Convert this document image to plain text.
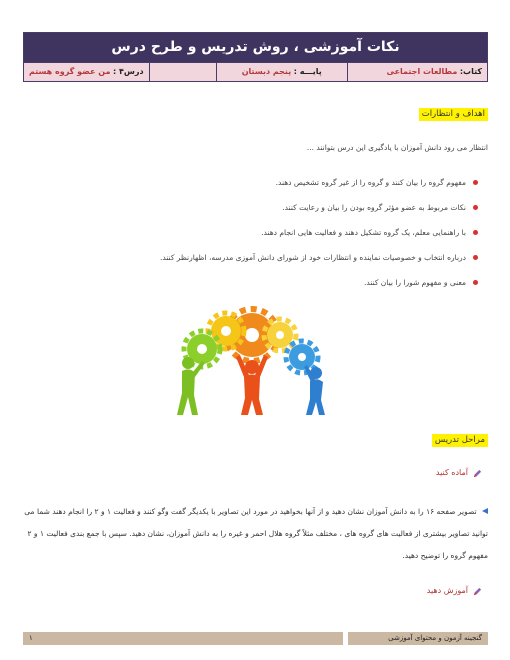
نکات آموزشی ، روش تدریس و طرح درس
کتاب: مطالعات اجتماعی
پایـــه : پنجم دبستان
درس۴ : من عضو گروه هستم
اهداف و انتظارات
انتظار می رود دانش آموزان با یادگیری این درس بتوانند ...
مفهوم گروه را بیان کنند و گروه را از غیر گروه تشخیص دهند.
نکات مربوط به عضو مؤثر گروه بودن را بیان و رعایت کنند.
با راهنمایی معلم، یک گروه تشکیل دهند و فعالیت هایی انجام دهند.
درباره انتخاب و خصوصیات نماینده و انتظارات خود از شورای دانش آموزی مدرسه، اظهارنظر کنند.
معنی و مفهوم شورا را بیان کنند.
مراحل تدریس
آماده کنید
تصویر صفحه ۱۶ را به دانش آموزان نشان دهید و از آنها بخواهید در مورد این تصاویر با یکدیگر گفت وگو کنند و فعالیت ۱ و ۲ را انجام دهند شما می توانید تصاویر بیشتری از فعالیت های گروه های ، مختلف مثلاً گروه هلال احمر و غیره را به دانش آموزان، نشان دهید. سپس با جمع بندی فعالیت ۱ و ۲ مفهوم گروه را توضیح دهید.
آموزش دهید
گنجینه آزمون و محتوای آموزشی
۱
